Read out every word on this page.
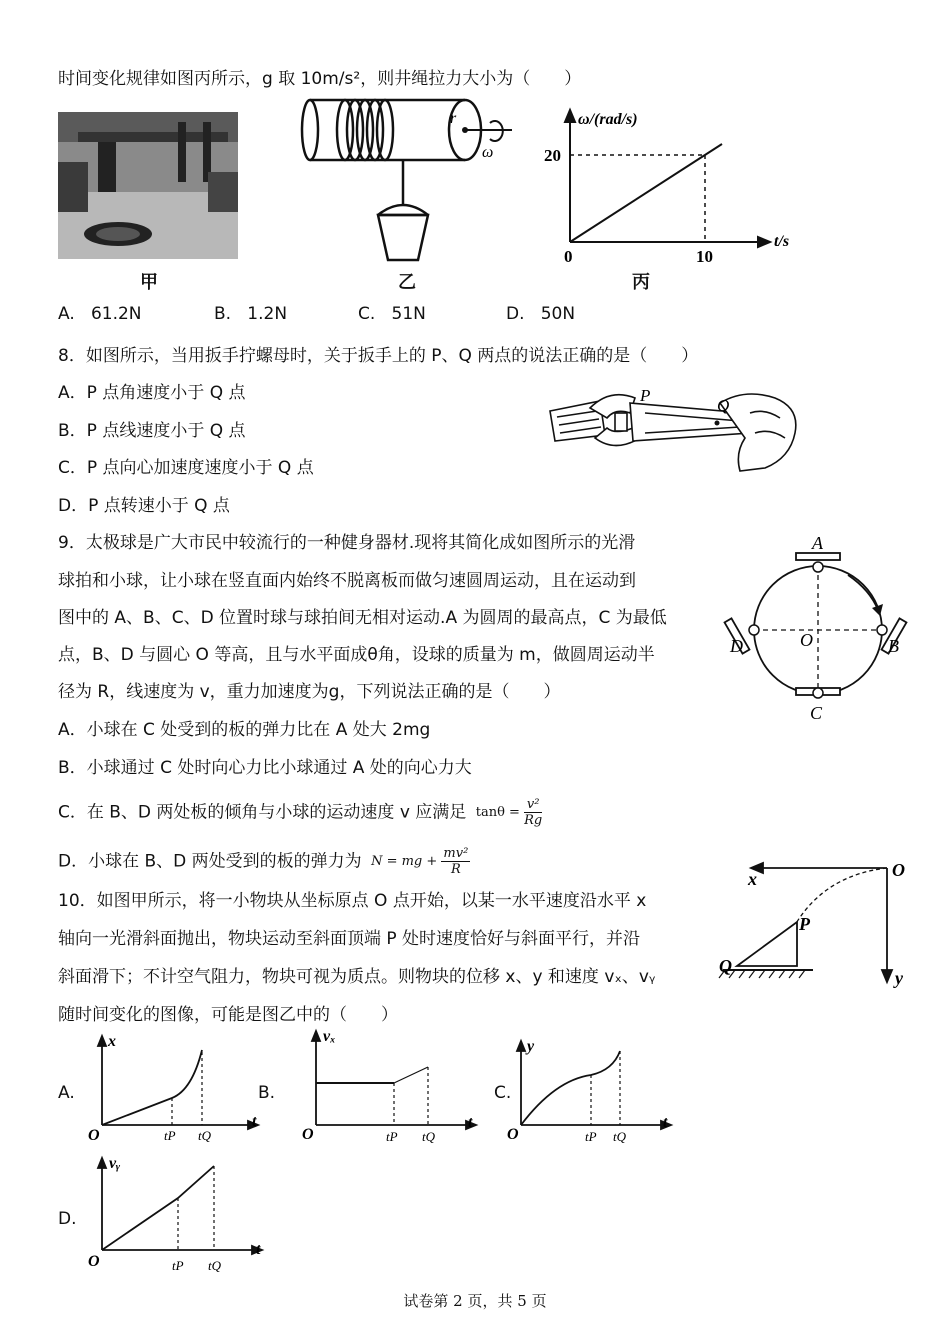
时间变化规律如图丙所示，g 取 10m/s²，则井绳拉力大小为（　　）
甲
r
ω
乙
ω/(rad/s)
t/s
20
10
0
丙
A. 61.2N	B. 1.2N	C. 51N	D. 50N
8．如图所示，当用扳手拧螺母时，关于扳手上的 P、Q 两点的说法正确的是（　　）
A．P 点角速度小于 Q 点
B．P 点线速度小于 Q 点
C．P 点向心加速度速度小于 Q 点
D．P 点转速小于 Q 点
P
Q
9．太极球是广大市民中较流行的一种健身器材.现将其简化成如图所示的光滑
球拍和小球，让小球在竖直面内始终不脱离板而做匀速圆周运动，且在运动到
图中的 A、B、C、D 位置时球与球拍间无相对运动.A 为圆周的最高点，C 为最低
点，B、D 与圆心 O 等高，且与水平面成θ角，设球的质量为 m，做圆周运动半
径为 R，线速度为 v，重力加速度为g，下列说法正确的是（　　）
A．小球在 C 处受到的板的弹力比在 A 处大 2mg
B．小球通过 C 处时向心力比小球通过 A 处的向心力大
C．在 B、D 两处板的倾角与小球的运动速度 v 应满足 $\tan\theta = \frac{\text{v²}}{Rg}$
D．小球在 B、D 两处受到的板的弹力为 N = mg + $\frac{\text{mv²}}{R}$
A
B
C
D	O
10．如图甲所示，将一小物块从坐标原点 O 点开始，以某一水平速度沿水平 x
轴向一光滑斜面抛出，物块运动至斜面顶端 P 处时速度恰好与斜面平行，并沿
斜面滑下；不计空气阻力，物块可视为质点。则物块的位移 x、y 和速度 vₓ、vᵧ
随时间变化的图像，可能是图乙中的（　　）
O
x
y
P
Q
A.
x
O
t
tP tQ
B.
vₓ
O
t
tP tQ
C.
y
O
t
tP tQ
D.
vᵧ
O
t
tP tQ
试卷第 2 页，共 5 页
